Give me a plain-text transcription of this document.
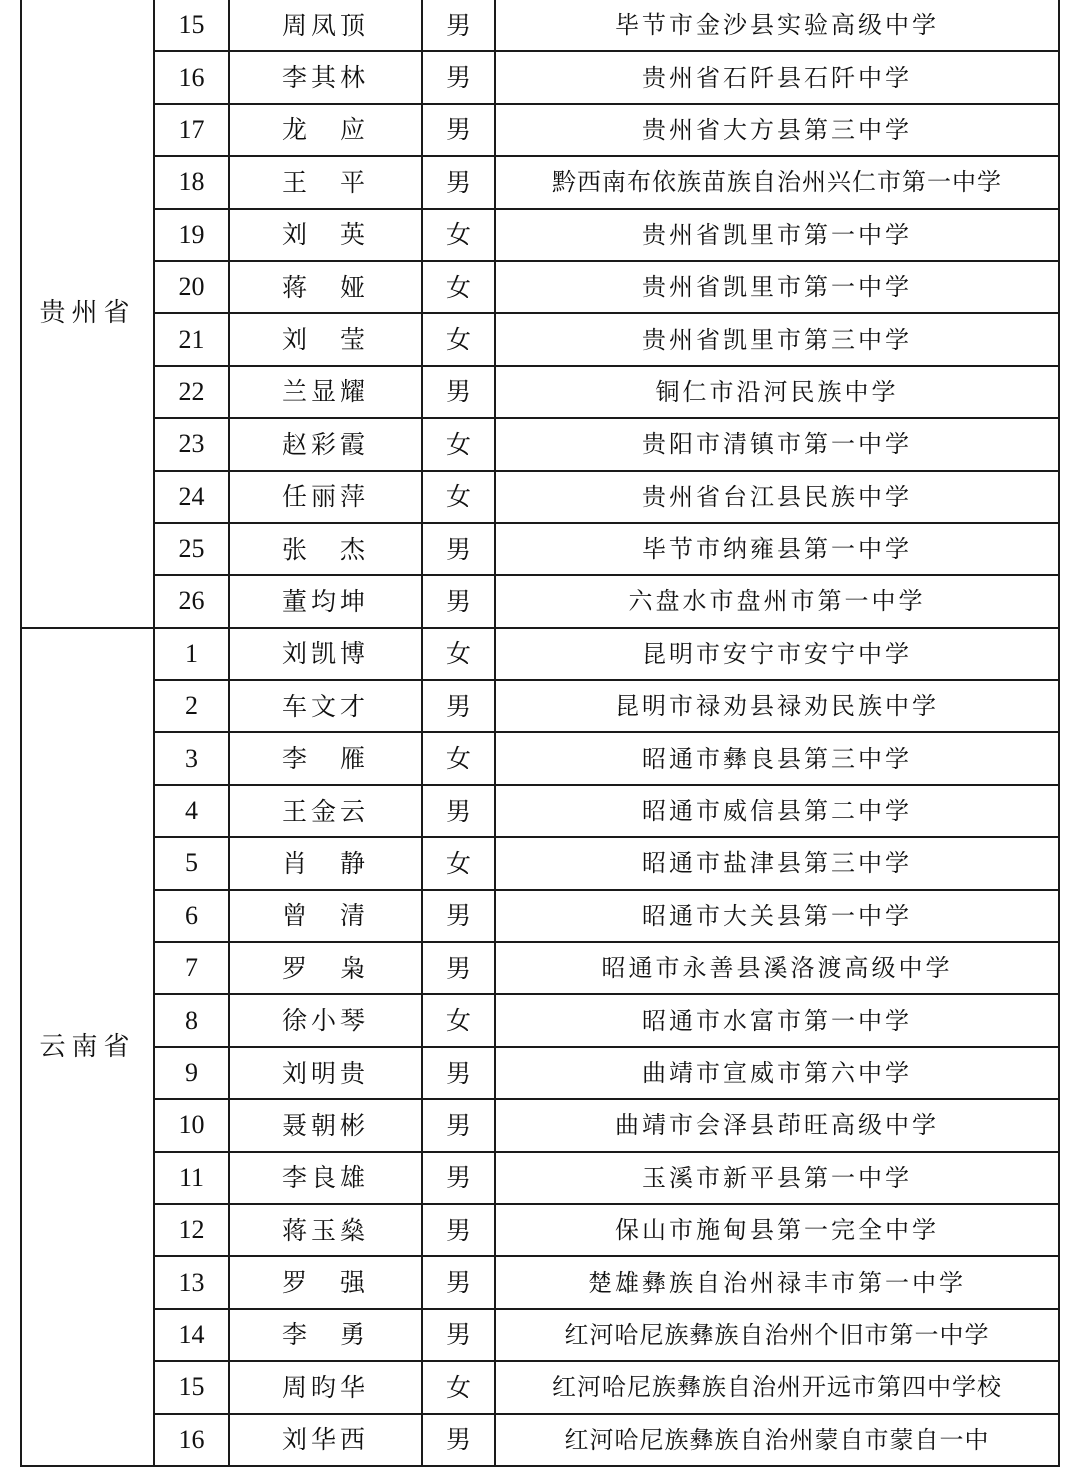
贵州省	15	周凤顶	男	毕节市金沙县实验高级中学
	16	李其林	男	贵州省石阡县石阡中学
	17	龙　应	男	贵州省大方县第三中学
	18	王　平	男	黔西南布依族苗族自治州兴仁市第一中学
	19	刘　英	女	贵州省凯里市第一中学
	20	蒋　娅	女	贵州省凯里市第一中学
	21	刘　莹	女	贵州省凯里市第三中学
	22	兰显耀	男	铜仁市沿河民族中学
	23	赵彩霞	女	贵阳市清镇市第一中学
	24	任丽萍	女	贵州省台江县民族中学
	25	张　杰	男	毕节市纳雍县第一中学
	26	董均坤	男	六盘水市盘州市第一中学
云南省	1	刘凯博	女	昆明市安宁市安宁中学
	2	车文才	男	昆明市禄劝县禄劝民族中学
	3	李　雁	女	昭通市彝良县第三中学
	4	王金云	男	昭通市威信县第二中学
	5	肖　静	女	昭通市盐津县第三中学
	6	曾　清	男	昭通市大关县第一中学
	7	罗　枭	男	昭通市永善县溪洛渡高级中学
	8	徐小琴	女	昭通市水富市第一中学
	9	刘明贵	男	曲靖市宣威市第六中学
	10	聂朝彬	男	曲靖市会泽县茚旺高级中学
	11	李良雄	男	玉溪市新平县第一中学
	12	蒋玉燊	男	保山市施甸县第一完全中学
	13	罗　强	男	楚雄彝族自治州禄丰市第一中学
	14	李　勇	男	红河哈尼族彝族自治州个旧市第一中学
	15	周昀华	女	红河哈尼族彝族自治州开远市第四中学校
	16	刘华西	男	红河哈尼族彝族自治州蒙自市蒙自一中
